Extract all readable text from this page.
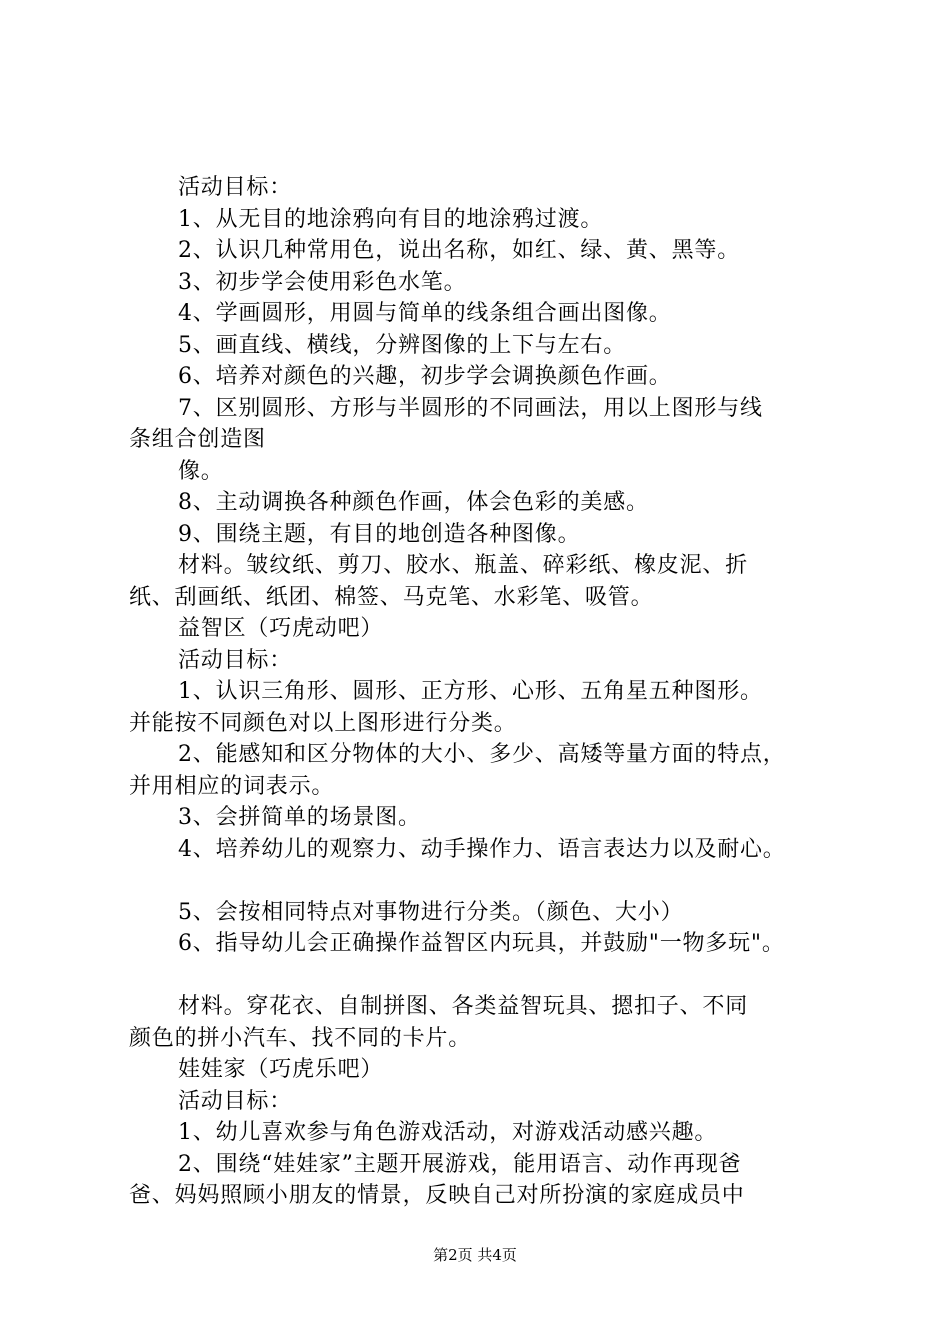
活动目标：
1、从无目的地涂鸦向有目的地涂鸦过渡。
2、认识几种常用色，说出名称，如红、绿、黄、黑等。
3、初步学会使用彩色水笔。
4、学画圆形，用圆与简单的线条组合画出图像。
5、画直线、横线，分辨图像的上下与左右。
6、培养对颜色的兴趣，初步学会调换颜色作画。
7、区别圆形、方形与半圆形的不同画法，用以上图形与线
条组合创造图
像。
8、主动调换各种颜色作画，体会色彩的美感。
9、围绕主题，有目的地创造各种图像。
材料。皱纹纸、剪刀、胶水、瓶盖、碎彩纸、橡皮泥、折
纸、刮画纸、纸团、棉签、马克笔、水彩笔、吸管。
益智区（巧虎动吧）
活动目标：
1、认识三角形、圆形、正方形、心形、五角星五种图形。
并能按不同颜色对以上图形进行分类。
2、能感知和区分物体的大小、多少、高矮等量方面的特点，
并用相应的词表示。
3、会拼简单的场景图。
4、培养幼儿的观察力、动手操作力、语言表达力以及耐心。
5、会按相同特点对事物进行分类。（颜色、大小）
6、指导幼儿会正确操作益智区内玩具，并鼓励"一物多玩"。
材料。穿花衣、自制拼图、各类益智玩具、摁扣子、不同
颜色的拼小汽车、找不同的卡片。
娃娃家（巧虎乐吧）
活动目标：
1、幼儿喜欢参与角色游戏活动，对游戏活动感兴趣。
2、围绕“娃娃家”主题开展游戏，能用语言、动作再现爸
爸、妈妈照顾小朋友的情景，反映自己对所扮演的家庭成员中
第2页 共4页
